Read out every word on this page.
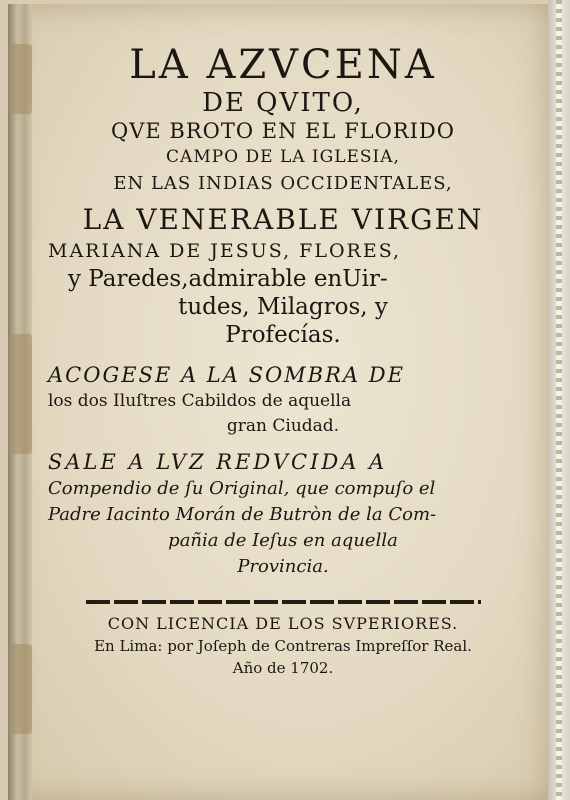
LA AZVCENA
DE QVITO,
QVE BROTO EN EL FLORIDO
CAMPO DE LA IGLESIA,
EN LAS INDIAS OCCIDENTALES,
LA VENERABLE VIRGEN
MARIANA DE JESUS, FLORES,
y Paredes,admirable enUir-
tudes, Milagros, y
Profecías.
ACOGESE A LA SOMBRA DE
los dos Iluſtres Cabildos de aquella
gran Ciudad.
SALE A LVZ REDVCIDA A
Compendio de ſu Original, que compuſo el
Padre Iacinto Morán de Butròn de la Com-
pañia de Ieſus en aquella
Provincia.
CON LICENCIA DE LOS SVPERIORES.
En Lima: por Joſeph de Contreras Impreſſor Real.
Año de 1702.
